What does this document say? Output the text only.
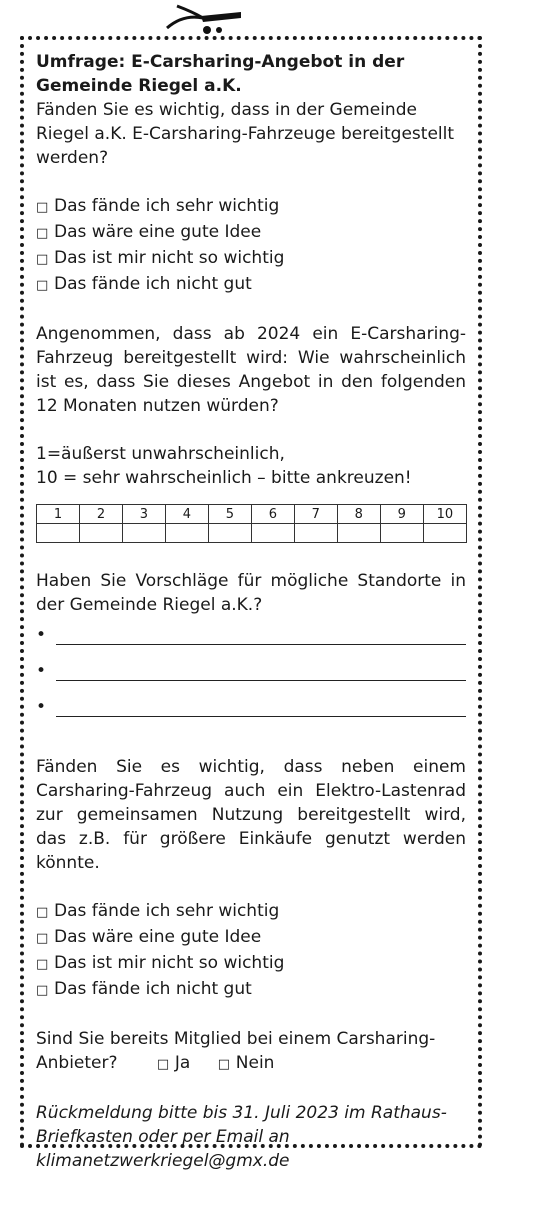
Umfrage: E-Carsharing-Angebot in der Gemeinde Riegel a.K.

Fänden Sie es wichtig, dass in der Gemeinde Riegel a.K. E-Carsharing-Fahrzeuge bereitgestellt werden?

□ Das fände ich sehr wichtig
□ Das wäre eine gute Idee
□ Das ist mir nicht so wichtig
□ Das fände ich nicht gut

Angenommen, dass ab 2024 ein E-Carsharing-Fahrzeug bereitgestellt wird: Wie wahrscheinlich ist es, dass Sie dieses Angebot in den folgenden 12 Monaten nutzen würden?

1=äußerst unwahrscheinlich,

10 = sehr wahrscheinlich – bitte ankreuzen!

1	2	3	4	5	6	7	8	9	10

Haben Sie Vorschläge für mögliche Standorte in der Gemeinde Riegel a.K.?

•
•
•

Fänden Sie es wichtig, dass neben einem Carsharing-Fahrzeug auch ein Elektro-Lastenrad zur gemeinsamen Nutzung bereitgestellt wird, das z.B. für größere Einkäufe genutzt werden könnte.

□ Das fände ich sehr wichtig
□ Das wäre eine gute Idee
□ Das ist mir nicht so wichtig
□ Das fände ich nicht gut

Sind Sie bereits Mitglied bei einem Carsharing-Anbieter?	□ Ja □ Nein

Rückmeldung bitte bis 31. Juli 2023 im Rathaus-Briefkasten oder per Email an klimanetzwerkriegel@gmx.de
